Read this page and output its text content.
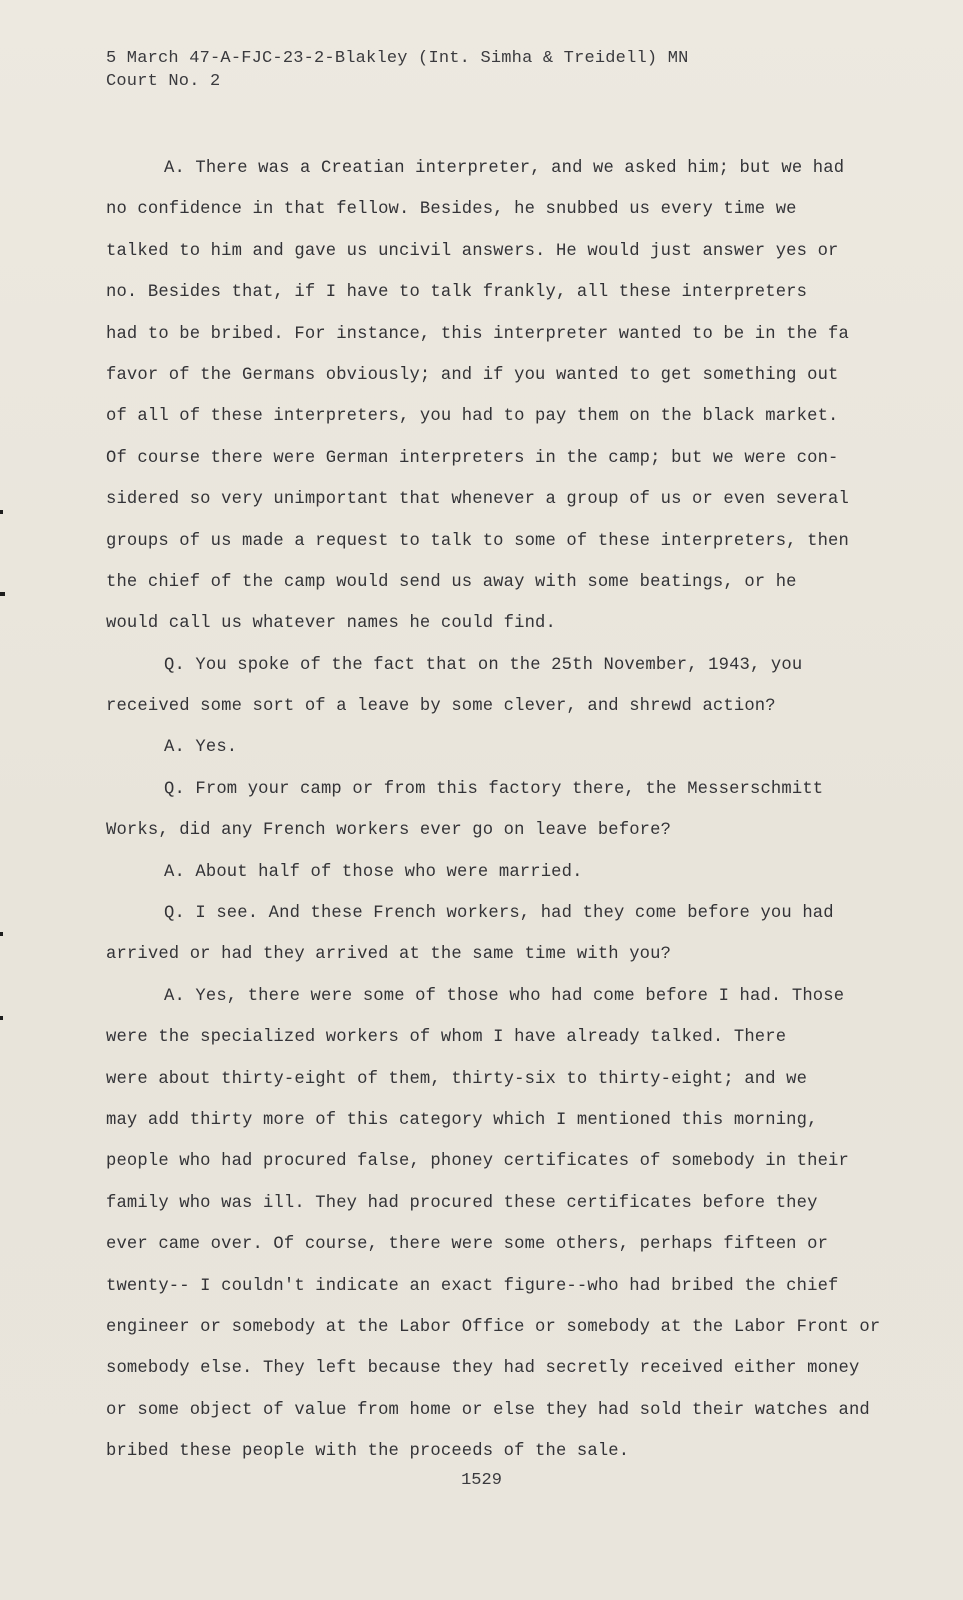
5 March 47-A-FJC-23-2-Blakley (Int. Simha & Treidell) MN
Court No. 2
A. There was a Creatian interpreter, and we asked him; but we had
no confidence in that fellow. Besides, he snubbed us every time we
talked to him and gave us uncivil answers. He would just answer yes or
no. Besides that, if I have to talk frankly, all these interpreters
had to be bribed. For instance, this interpreter wanted to be in the fa
favor of the Germans obviously; and if you wanted to get something out
of all of these interpreters, you had to pay them on the black market.
Of course there were German interpreters in the camp; but we were con-
sidered so very unimportant that whenever a group of us or even several
groups of us made a request to talk to some of these interpreters, then
the chief of the camp would send us away with some beatings, or he
would call us whatever names he could find.
Q. You spoke of the fact that on the 25th November, 1943, you
received some sort of a leave by some clever, and shrewd action?
A. Yes.
Q. From your camp or from this factory there, the Messerschmitt
Works, did any French workers ever go on leave before?
A. About half of those who were married.
Q. I see. And these French workers, had they come before you had
arrived or had they arrived at the same time with you?
A. Yes, there were some of those who had come before I had. Those
were the specialized workers of whom I have already talked. There
were about thirty-eight of them, thirty-six to thirty-eight; and we
may add thirty more of this category which I mentioned this morning,
people who had procured false, phoney certificates of somebody in their
family who was ill. They had procured these certificates before they
ever came over. Of course, there were some others, perhaps fifteen or
twenty-- I couldn't indicate an exact figure--who had bribed the chief
engineer or somebody at the Labor Office or somebody at the Labor Front or
somebody else. They left because they had secretly received either money
or some object of value from home or else they had sold their watches and
bribed these people with the proceeds of the sale.
1529
